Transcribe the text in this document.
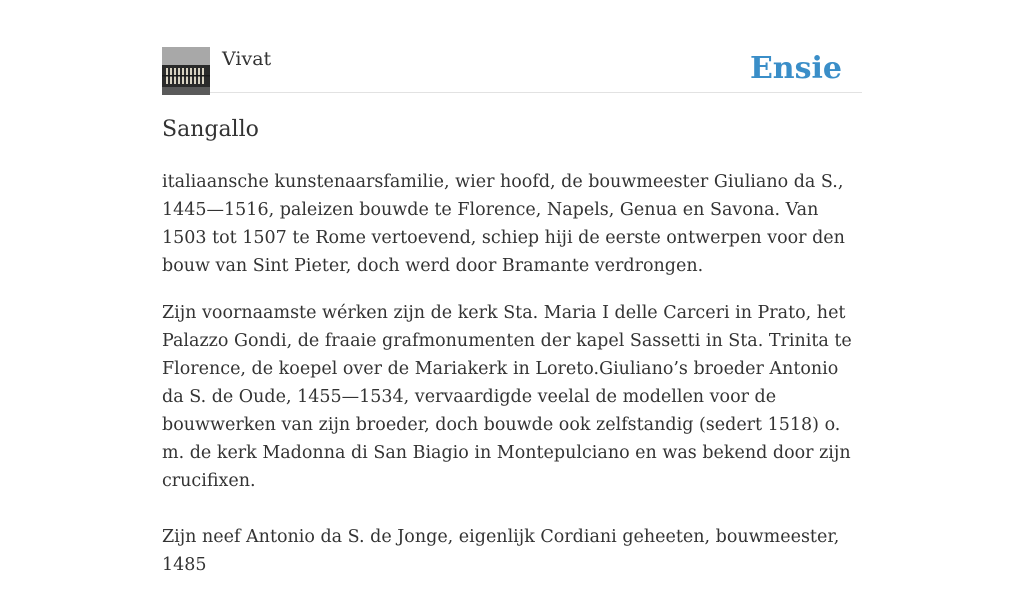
Vivat	Ensie
Sangallo

italiaansche kunstenaarsfamilie, wier hoofd, de bouwmeester Giuliano da S., 1445—1516, paleizen bouwde te Florence, Napels, Genua en Savona. Van 1503 tot 1507 te Rome vertoevend, schiep hiji de eerste ontwerpen voor den bouw van Sint Pieter, doch werd door Bramante verdrongen.

Zijn voornaamste wérken zijn de kerk Sta. Maria I delle Carceri in Prato, het Palazzo Gondi, de fraaie grafmonumenten der kapel Sassetti in Sta. Trinita te Florence, de koepel over de Mariakerk in Loreto.Giuliano’s broeder Antonio da S. de Oude, 1455—1534, vervaardigde veelal de modellen voor de bouwwerken van zijn broeder, doch bouwde ook zelfstandig (sedert 1518) o. m. de kerk Madonna di San Biagio in Montepulciano en was bekend door zijn crucifixen.

Zijn neef Antonio da S. de Jonge, eigenlijk Cordiani geheeten, bouwmeester, 1485
